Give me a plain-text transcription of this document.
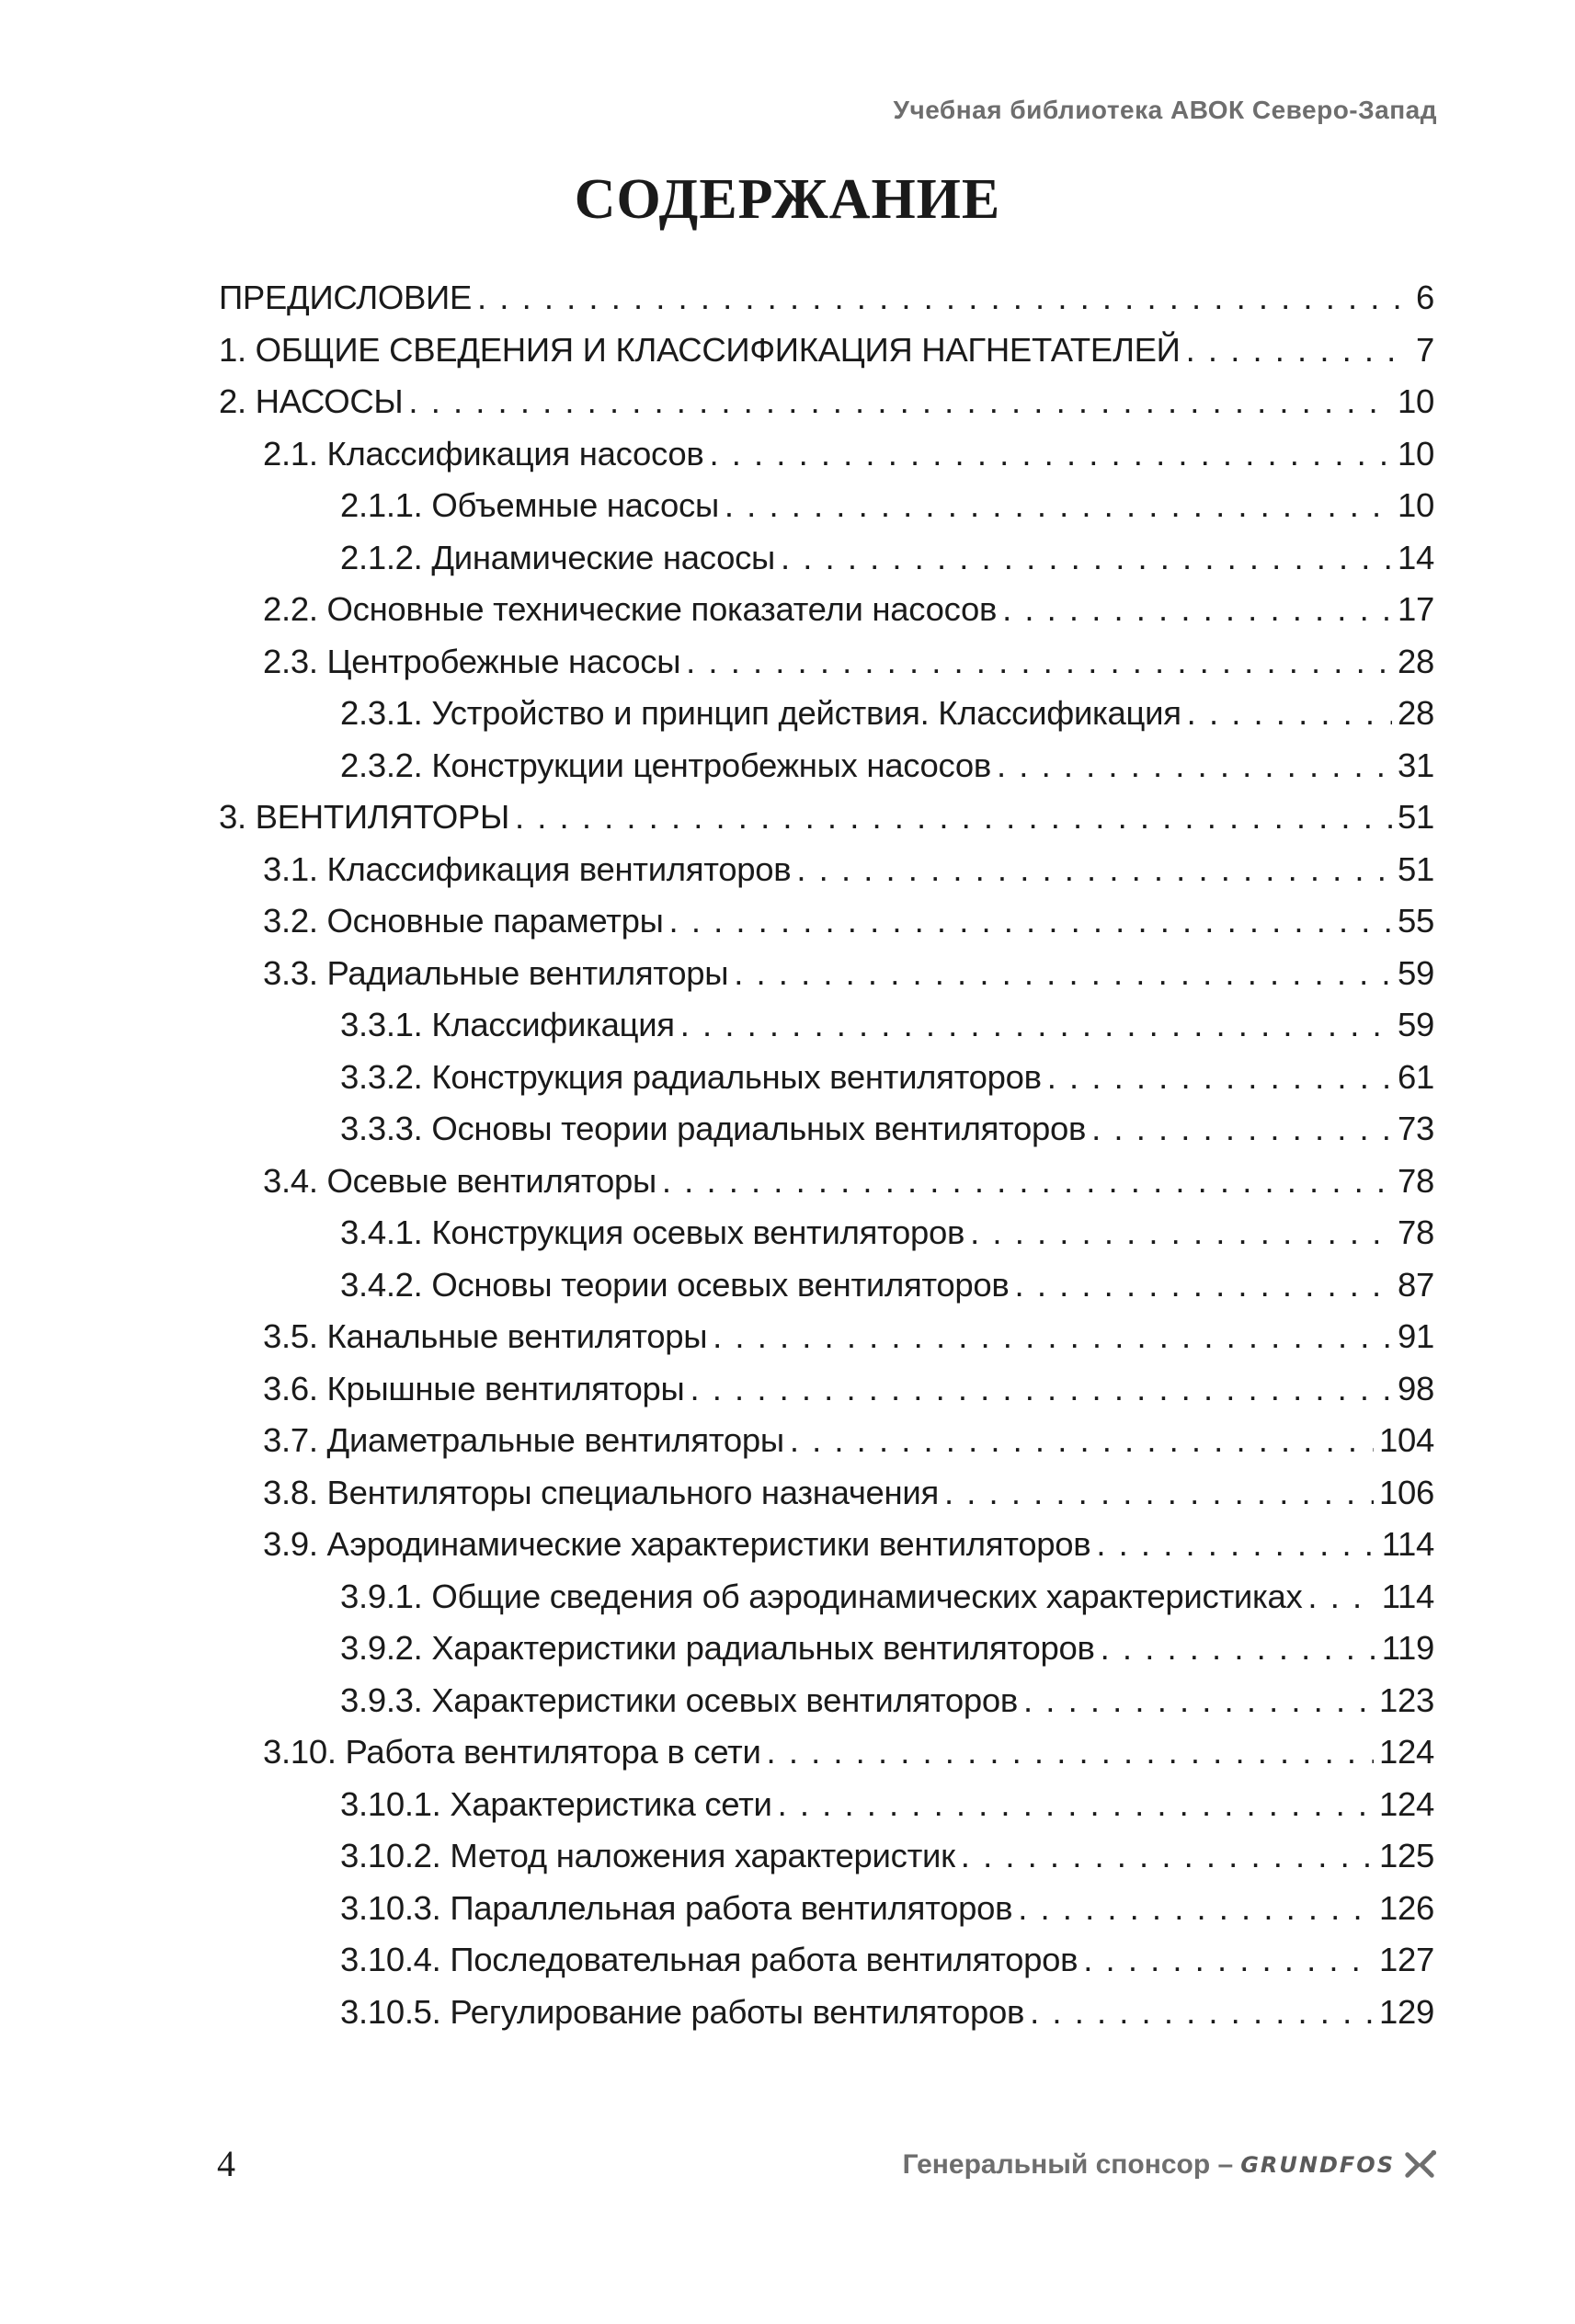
Учебная библиотека АВОК Северо-Запад
СОДЕРЖАНИЕ
ПРЕДИСЛОВИЕ . . .	6
1. ОБЩИЕ СВЕДЕНИЯ И КЛАССИФИКАЦИЯ НАГНЕТАТЕЛЕЙ . . .	7
2. НАСОСЫ . . .	10
2.1. Классификация насосов . . .	10
2.1.1. Объемные насосы . . .	10
2.1.2. Динамические насосы . . .	14
2.2. Основные технические показатели насосов . . .	17
2.3. Центробежные насосы . . .	28
2.3.1. Устройство и принцип действия. Классификация . . .	28
2.3.2. Конструкции центробежных насосов . . .	31
3. ВЕНТИЛЯТОРЫ . . .	51
3.1. Классификация вентиляторов . . .	51
3.2. Основные параметры . . .	55
3.3. Радиальные вентиляторы . . .	59
3.3.1. Классификация . . .	59
3.3.2. Конструкция радиальных вентиляторов . . .	61
3.3.3. Основы теории радиальных вентиляторов . . .	73
3.4. Осевые вентиляторы . . .	78
3.4.1. Конструкция осевых вентиляторов . . .	78
3.4.2. Основы теории осевых вентиляторов . . .	87
3.5. Канальные вентиляторы . . .	91
3.6. Крышные вентиляторы . . .	98
3.7. Диаметральные вентиляторы . . .	104
3.8. Вентиляторы специального назначения . . .	106
3.9. Аэродинамические характеристики вентиляторов . . .	114
3.9.1. Общие сведения об аэродинамических характеристиках . . . 114
3.9.2. Характеристики радиальных вентиляторов . . .	119
3.9.3. Характеристики осевых вентиляторов . . .	123
3.10. Работа вентилятора в сети . . .	124
3.10.1. Характеристика сети . . .	124
3.10.2. Метод наложения характеристик . . .	125
3.10.3. Параллельная работа вентиляторов . . .	126
3.10.4. Последовательная работа вентиляторов . . .	127
3.10.5. Регулирование работы вентиляторов . . .	129
4	Генеральный спонсор – GRUNDFOS
